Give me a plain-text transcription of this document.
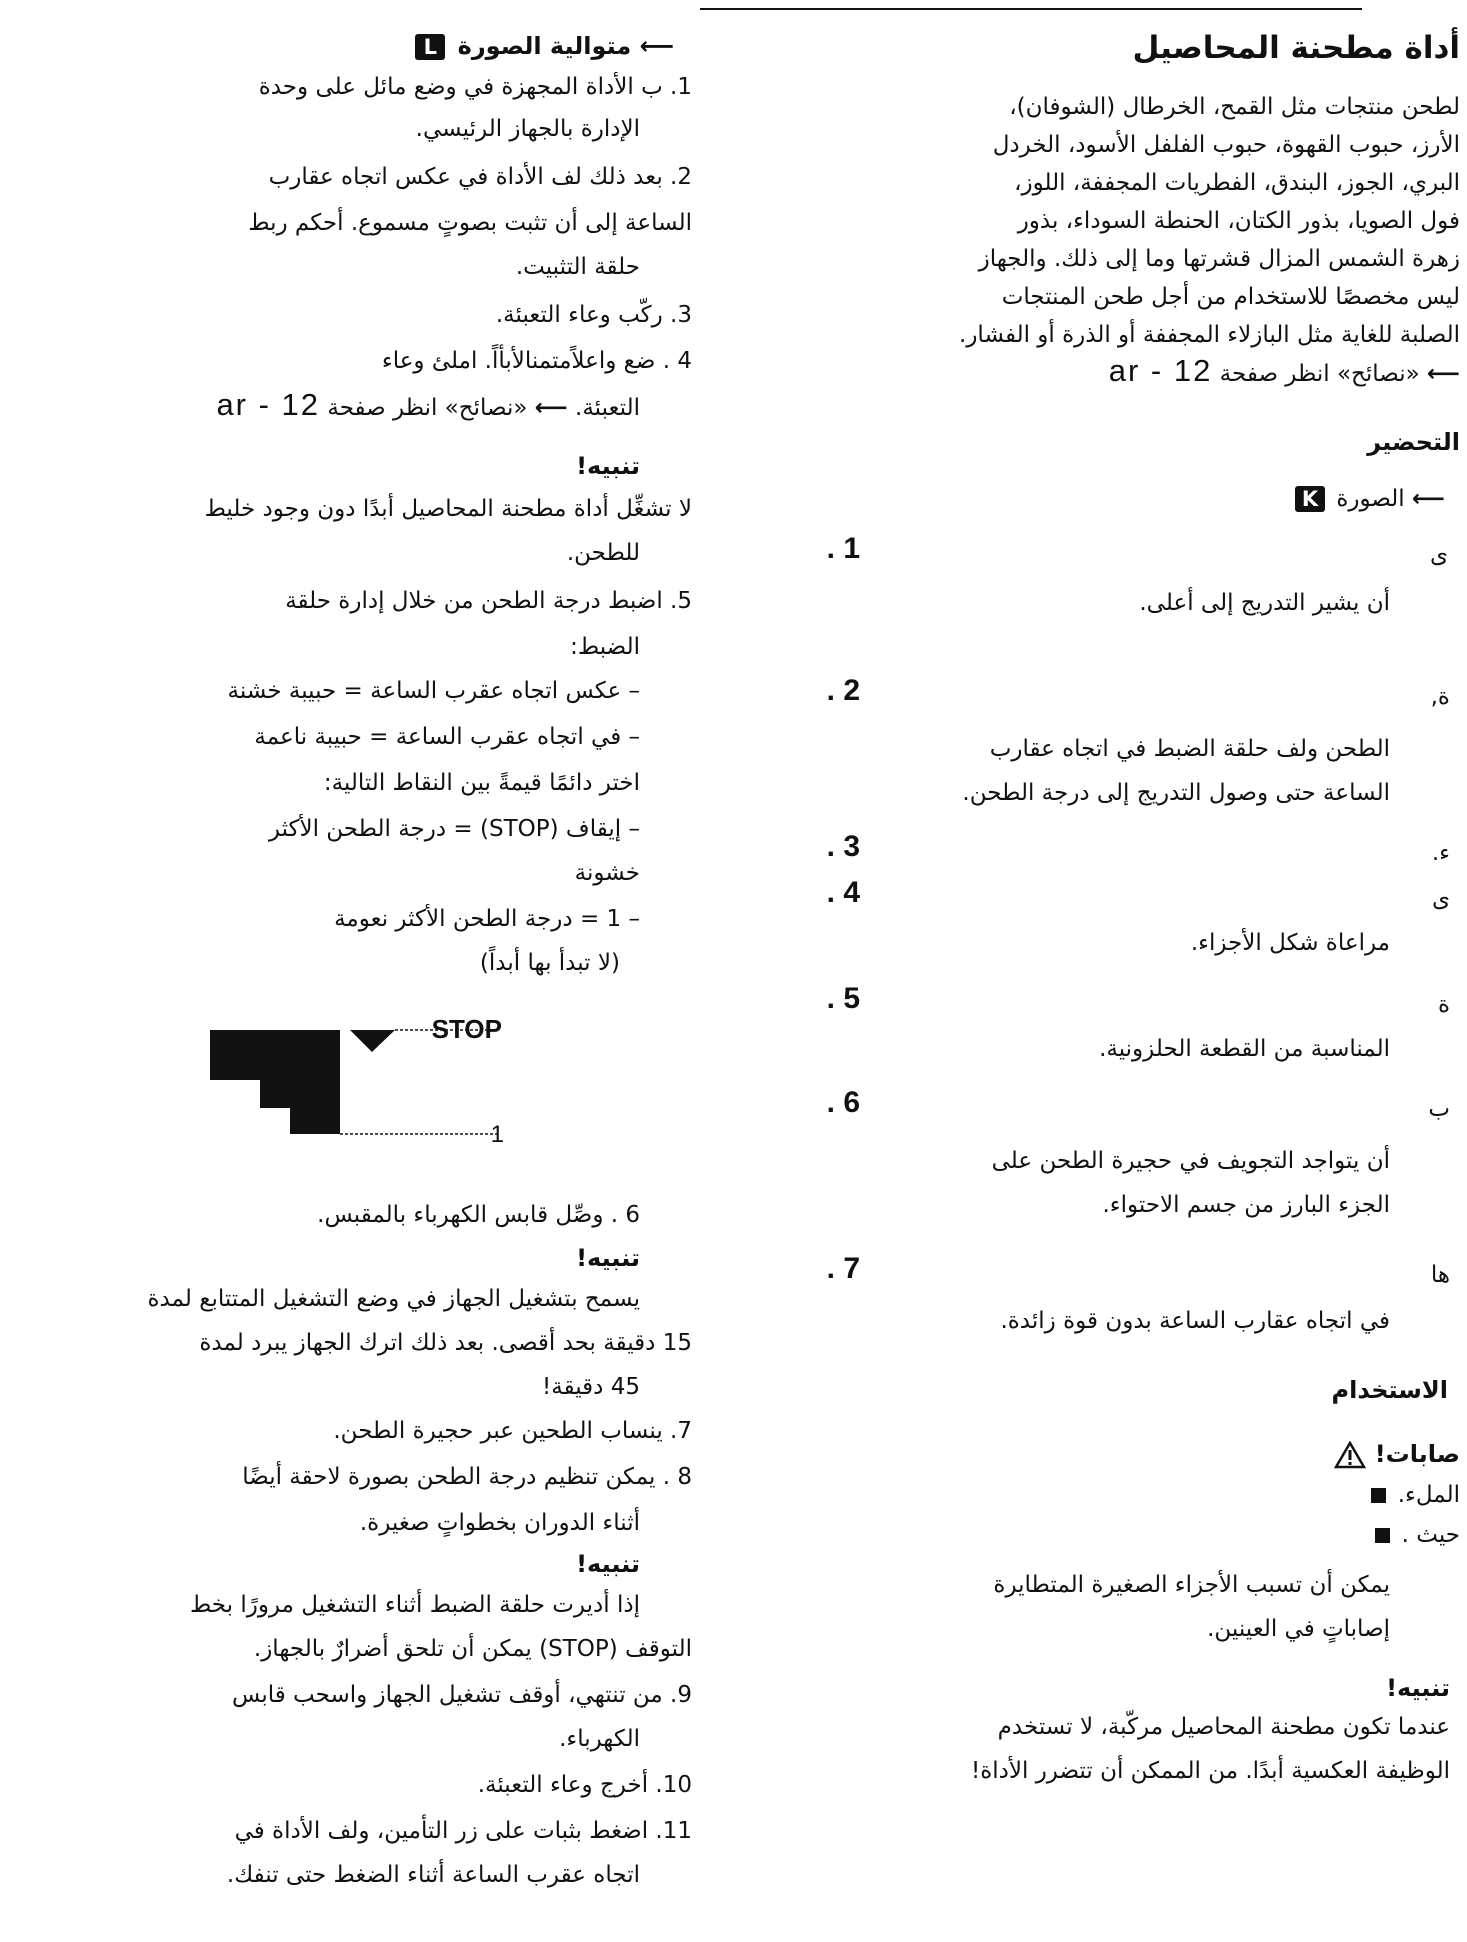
أداة مطحنة المحاصيل
لطحن منتجات مثل القمح، الخرطال (الشوفان)،
الأرز، حبوب القهوة، حبوب الفلفل الأسود، الخردل
البري، الجوز، البندق، الفطريات المجففة، اللوز،
فول الصويا، بذور الكتان، الحنطة السوداء، بذور
زهرة الشمس المزال قشرتها وما إلى ذلك. والجهاز
ليس مخصصًا للاستخدام من أجل طحن المنتجات
الصلبة للغاية مثل البازلاء المجففة أو الذرة أو الفشار.
⟵ «نصائح» انظر صفحة ar - 12
التحضير
⟵ الصورة K
ى
. 1
أن يشير التدريج إلى أعلى.
ة,
. 2
الطحن ولف حلقة الضبط في اتجاه عقارب
الساعة حتى وصول التدريج إلى درجة الطحن.
ء.
. 3
ى
. 4
مراعاة شكل الأجزاء.
ة
. 5
المناسبة من القطعة الحلزونية.
ب
. 6
أن يتواجد التجويف في حجيرة الطحن على
الجزء البارز من جسم الاحتواء.
ها
. 7
في اتجاه عقارب الساعة بدون قوة زائدة.
الاستخدام
صابات!
الملء.
حيث .
يمكن أن تسبب الأجزاء الصغيرة المتطايرة
إصاباتٍ في العينين.
تنبيه!
عندما تكون مطحنة المحاصيل مركّبة، لا تستخدم
الوظيفة العكسية أبدًا. من الممكن أن تتضرر الأداة!
⟵ متوالية الصورة L
1. ب الأداة المجهزة في وضع مائل على وحدة
الإدارة بالجهاز الرئيسي.
2. بعد ذلك لف الأداة في عكس اتجاه عقارب
الساعة إلى أن تثبت بصوتٍ مسموع. أحكم ربط
حلقة التثبيت.
3. ركّب وعاء التعبئة.
4 . ضع واعلاًمتمنالأبأاً. املئ وعاء
التعبئة. ⟵ «نصائح» انظر صفحة ar - 12
تنبيه!
لا تشغِّل أداة مطحنة المحاصيل أبدًا دون وجود خليط
للطحن.
5. اضبط درجة الطحن من خلال إدارة حلقة
الضبط:
– عكس اتجاه عقرب الساعة = حبيبة خشنة
– في اتجاه عقرب الساعة = حبيبة ناعمة
اختر دائمًا قيمةً بين النقاط التالية:
– إيقاف (STOP) = درجة الطحن الأكثر
خشونة
– 1 = درجة الطحن الأكثر نعومة
(لا تبدأ بها أبداً)
STOP
1
6 . وصِّل قابس الكهرباء بالمقبس.
تنبيه!
يسمح بتشغيل الجهاز في وضع التشغيل المتتابع لمدة
15 دقيقة بحد أقصى. بعد ذلك اترك الجهاز يبرد لمدة
45 دقيقة!
7. ينساب الطحين عبر حجيرة الطحن.
8 . يمكن تنظيم درجة الطحن بصورة لاحقة أيضًا
أثناء الدوران بخطواتٍ صغيرة.
تنبيه!
إذا أديرت حلقة الضبط أثناء التشغيل مرورًا بخط
التوقف (STOP) يمكن أن تلحق أضرارٌ بالجهاز.
9. من تنتهي، أوقف تشغيل الجهاز واسحب قابس
الكهرباء.
10. أخرج وعاء التعبئة.
11. اضغط بثبات على زر التأمين، ولف الأداة في
اتجاه عقرب الساعة أثناء الضغط حتى تنفك.
